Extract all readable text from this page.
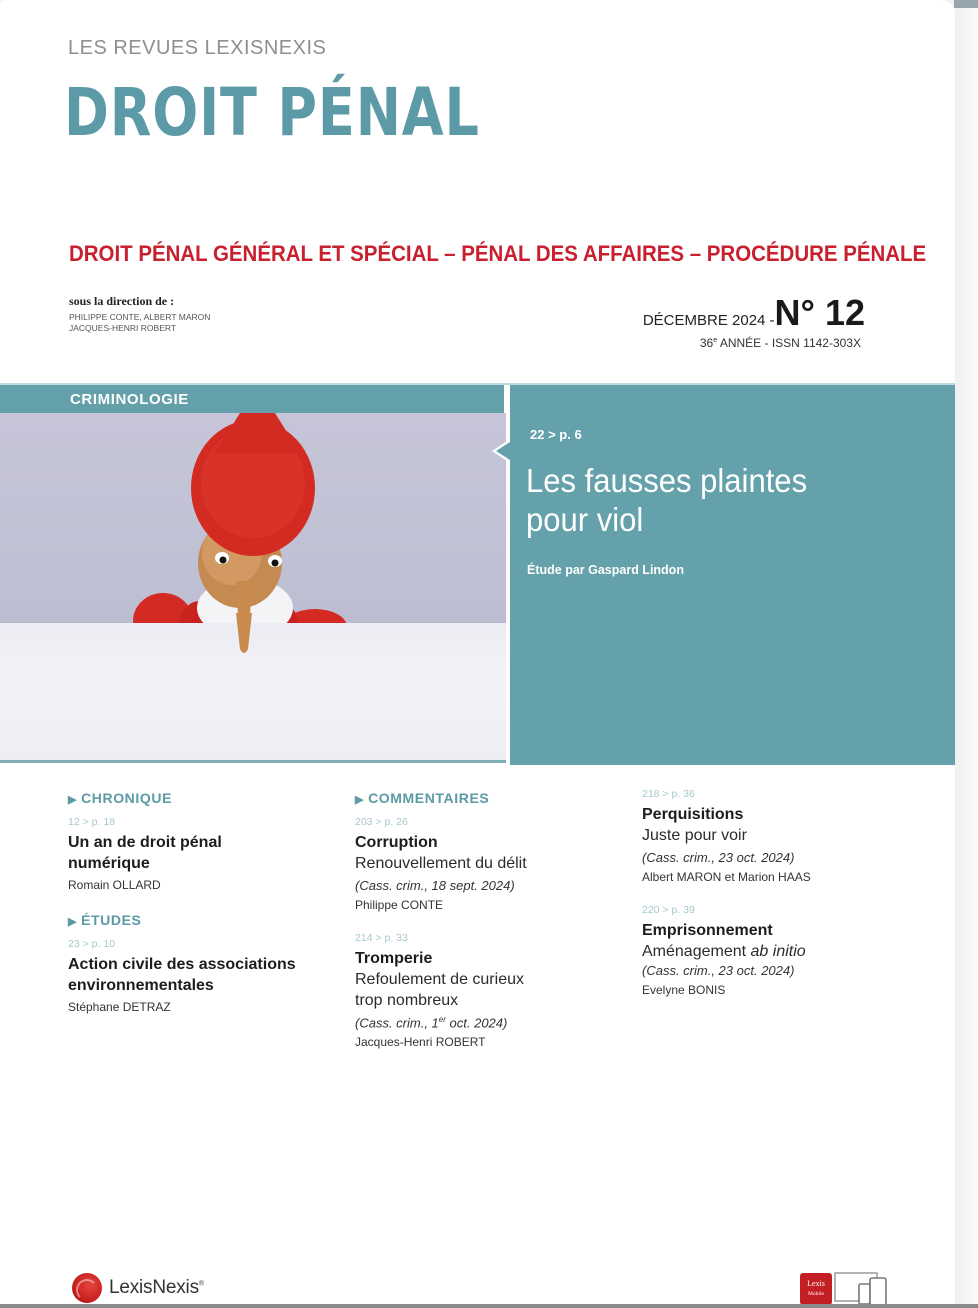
LES REVUES LEXISNEXIS
DROIT PÉNAL
DROIT PÉNAL GÉNÉRAL ET SPÉCIAL – PÉNAL DES AFFAIRES – PROCÉDURE PÉNALE
sous la direction de :
PHILIPPE CONTE, ALBERT MARON
JACQUES-HENRI ROBERT	DÉCEMBRE 2024 -N° 12
36e ANNÉE - ISSN 1142-303X
CRIMINOLOGIE
22 > p. 6
Les fausses plaintes
pour viol
Étude par Gaspard Lindon
▶ CHRONIQUE
12 > p. 18
Un an de droit pénal
numérique
Romain OLLARD
▶ ÉTUDES
23 > p. 10
Action civile des associations
environnementales
Stéphane DETRAZ
▶ COMMENTAIRES
203 > p. 26
Corruption
Renouvellement du délit
(Cass. crim., 18 sept. 2024)
Philippe CONTE
214 > p. 33
Tromperie
Refoulement de curieux
trop nombreux
(Cass. crim., 1er oct. 2024)
Jacques-Henri ROBERT
218 > p. 36
Perquisitions
Juste pour voir
(Cass. crim., 23 oct. 2024)
Albert MARON et Marion HAAS
220 > p. 39
Emprisonnement
Aménagement ab initio
(Cass. crim., 23 oct. 2024)
Evelyne BONIS
LexisNexis®	Lexis
Mobile
